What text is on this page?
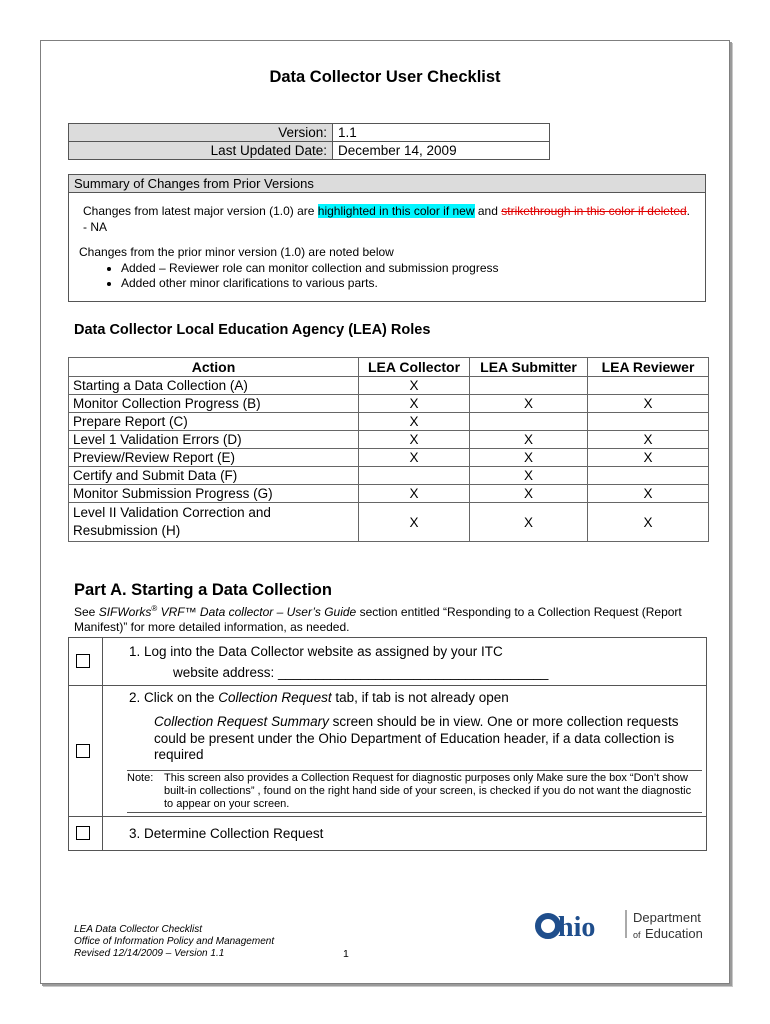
Data Collector User Checklist
Version:	1.1
Last Updated Date:	December 14, 2009
Summary of Changes from Prior Versions

Changes from latest major version (1.0) are highlighted in this color if new and strikethrough in this color if deleted. - NA

Changes from the prior minor version (1.0) are noted below

• Added – Reviewer role can monitor collection and submission progress
• Added other minor clarifications to various parts.
Data Collector Local Education Agency (LEA) Roles
Action	LEA Collector	LEA Submitter	LEA Reviewer
Starting a Data Collection (A)	X		
Monitor Collection Progress (B)	X	X	X
Prepare Report (C)	X		
Level 1 Validation Errors (D)	X	X	X
Preview/Review Report (E)	X	X	X
Certify and Submit Data (F)		X	
Monitor Submission Progress (G)	X	X	X
Level II Validation Correction and Resubmission (H)	X	X	X
Part A. Starting a Data Collection
See SIFWorks® VRF™ Data collector – User’s Guide section entitled “Responding to a Collection Request (Report Manifest)” for more detailed information, as needed.
1. Log into the Data Collector website as assigned by your ITC
website address: ____________________________________
2. Click on the Collection Request tab, if tab is not already open
Collection Request Summary screen should be in view. One or more collection requests could be present under the Ohio Department of Education header, if a data collection is required
Note: This screen also provides a Collection Request for diagnostic purposes only Make sure the box “Don’t show built-in collections” , found on the right hand side of your screen, is checked if you do not want the diagnostic to appear on your screen.
3. Determine Collection Request
LEA Data Collector Checklist
Office of Information Policy and Management
Revised 12/14/2009 – Version 1.1	1
hio	Department
of Education
